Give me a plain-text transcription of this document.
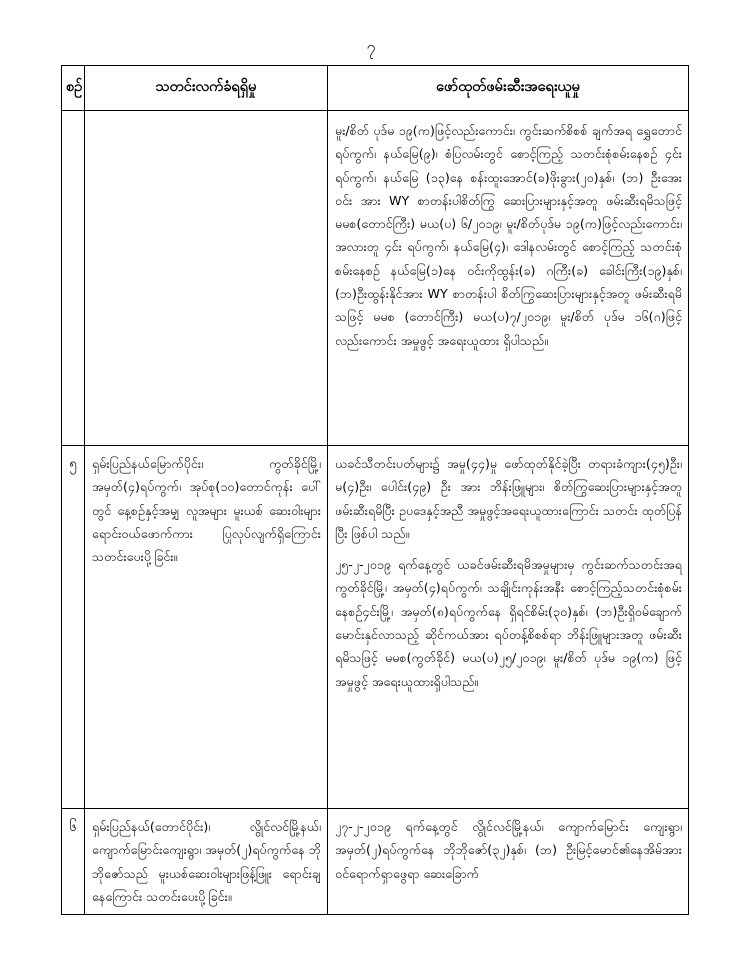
၇
စဉ်	သတင်းလက်ခံရရှိမှု	ဖော်ထုတ်ဖမ်းဆီးအရေးယူမှု

		မူး/စိတ် ပုဒ်မ ၁၉(က)ဖြင့်လည်းကောင်း၊ ကွင်းဆက်စိစစ် ချက်အရ ရွှေတောင်ရပ်ကွက်၊ နယ်မြေ(၉)၊ စံပြလမ်းတွင် စောင့်ကြည့် သတင်းစုံစမ်းနေစဉ် ၄င်းရပ်ကွက်၊ နယ်မြေ (၁၃)နေ စန်းထူးအောင်(ခ)ဖိုးခွား(၂၀)နှစ်၊ (ဘ) ဦးအေးဝင်း အား WY စာတန်းပါစိတ်ကြွ ဆေးပြားများနှင့်အတူ ဖမ်းဆီးရမိသဖြင့် မမစ(တောင်ကြီး) မယ(ပ) ၆/၂၀၁၉၊ မူး/စိတ်ပုဒ်မ ၁၉(က)ဖြင့်လည်းကောင်း၊ အလားတူ ၄င်း ရပ်ကွက်၊ နယ်မြေ(၄)၊ ဒေါနလမ်းတွင် စောင့်ကြည့် သတင်းစုံစမ်းနေစဉ် နယ်မြေ(၁)နေ ဝင်းကိုထွန်း(ခ) ဂကြီး(ခ) ခေါင်းကြီး(၁၉)နှစ်၊ (ဘ)ဦးထွန်းနိုင်အား WY စာတန်းပါ စိတ်ကြွဆေးပြားများနှင့်အတူ ဖမ်းဆီးရမိ သဖြင့် မမစ (တောင်ကြီး) မယ(ပ)၇/၂၀၁၉၊ မူး/စိတ် ပုဒ်မ ၁၆(ဂ)ဖြင့် လည်းကောင်း အမှုဖွင့် အရေးယူထား ရှိပါသည်။

၅	ရှမ်းပြည်နယ်မြောက်ပိုင်း၊ ကွတ်ခိုင်မြို့၊ အမှတ်(၄)ရပ်ကွက်၊ အုပ်စု(၁၀)တောင်ကုန်း ပေါ်တွင် နေ့စဉ်နှင့်အမျှ လူအများ မူးယစ် ဆေးဝါးများ ရောင်းဝယ်ဖောက်ကား ပြုလုပ်လျက်ရှိကြောင်းသတင်းပေးပို့ခြင်း။	ယခင်သီတင်းပတ်များ၌ အမှု(၄၄)မှု ဖော်ထုတ်နိုင်ခဲ့ပြီး တရားခံကျား(၄၅)ဦး၊ မ(၄)ဦး၊ ပေါင်း(၄၉) ဦး အား ဘိန်းဖြူများ၊ စိတ်ကြွဆေးပြားများနှင့်အတူ ဖမ်းဆီးရမိပြီး ဥပဒေနှင့်အညီ အမှုဖွင့်အရေးယူထားကြောင်း သတင်း ထုတ်ပြန်ပြီး ဖြစ်ပါ သည်။

၂၅-၂-၂၀၁၉ ရက်နေ့တွင် ယခင်ဖမ်းဆီးရမိအမှုများမှ ကွင်းဆက်သတင်းအရ ကွတ်ခိုင်မြို့၊ အမှတ်(၄)ရပ်ကွက်၊ သချိုင်းကုန်းအနီး စောင့်ကြည့်သတင်းစုံစမ်းနေစဉ်၄င်းမြို့၊ အမှတ်(၈)ရပ်ကွက်နေ ရှိရင်စိမ်း(၃၀)နှစ်၊ (ဘ)ဦးရှိဝမ်ချောက် မောင်းနှင်လာသည့် ဆိုင်ကယ်အား ရပ်တန့်စိစစ်ရာ ဘိန်းဖြူများအတူ ဖမ်းဆီးရမိသဖြင့် မမစ(ကွတ်ခိုင်) မယ(ပ)၂၅/၂၀၁၉၊ မူး/စိတ် ပုဒ်မ ၁၉(က) ဖြင့် အမှုဖွင့် အရေးယူထားရှိပါသည်။

၆	ရှမ်းပြည်နယ်(တောင်ပိုင်း)၊ လွိုင်လင်မြို့နယ်၊ ကျောက်မြောင်းကျေးရွာ၊ အမှတ်(၂)ရပ်ကွက်နေ ဘိုဘိုဇော်သည် မူးယစ်ဆေးဝါးများဖြန့်ဖြူး ရောင်းချနေကြောင်း သတင်းပေးပို့ခြင်း။	၂၇-၂-၂၀၁၉ ရက်နေ့တွင် လွိုင်လင်မြို့နယ်၊ ကျောက်မြောင်း ကျေးရွာ၊ အမှတ်(၂)ရပ်ကွက်နေ ဘိုဘိုဇော်(၃၂)နှစ်၊ (ဘ) ဦးမြင့်မောင်၏နေအိမ်အား ဝင်ရောက်ရှာဖွေရာ ဆေးခြောက်
